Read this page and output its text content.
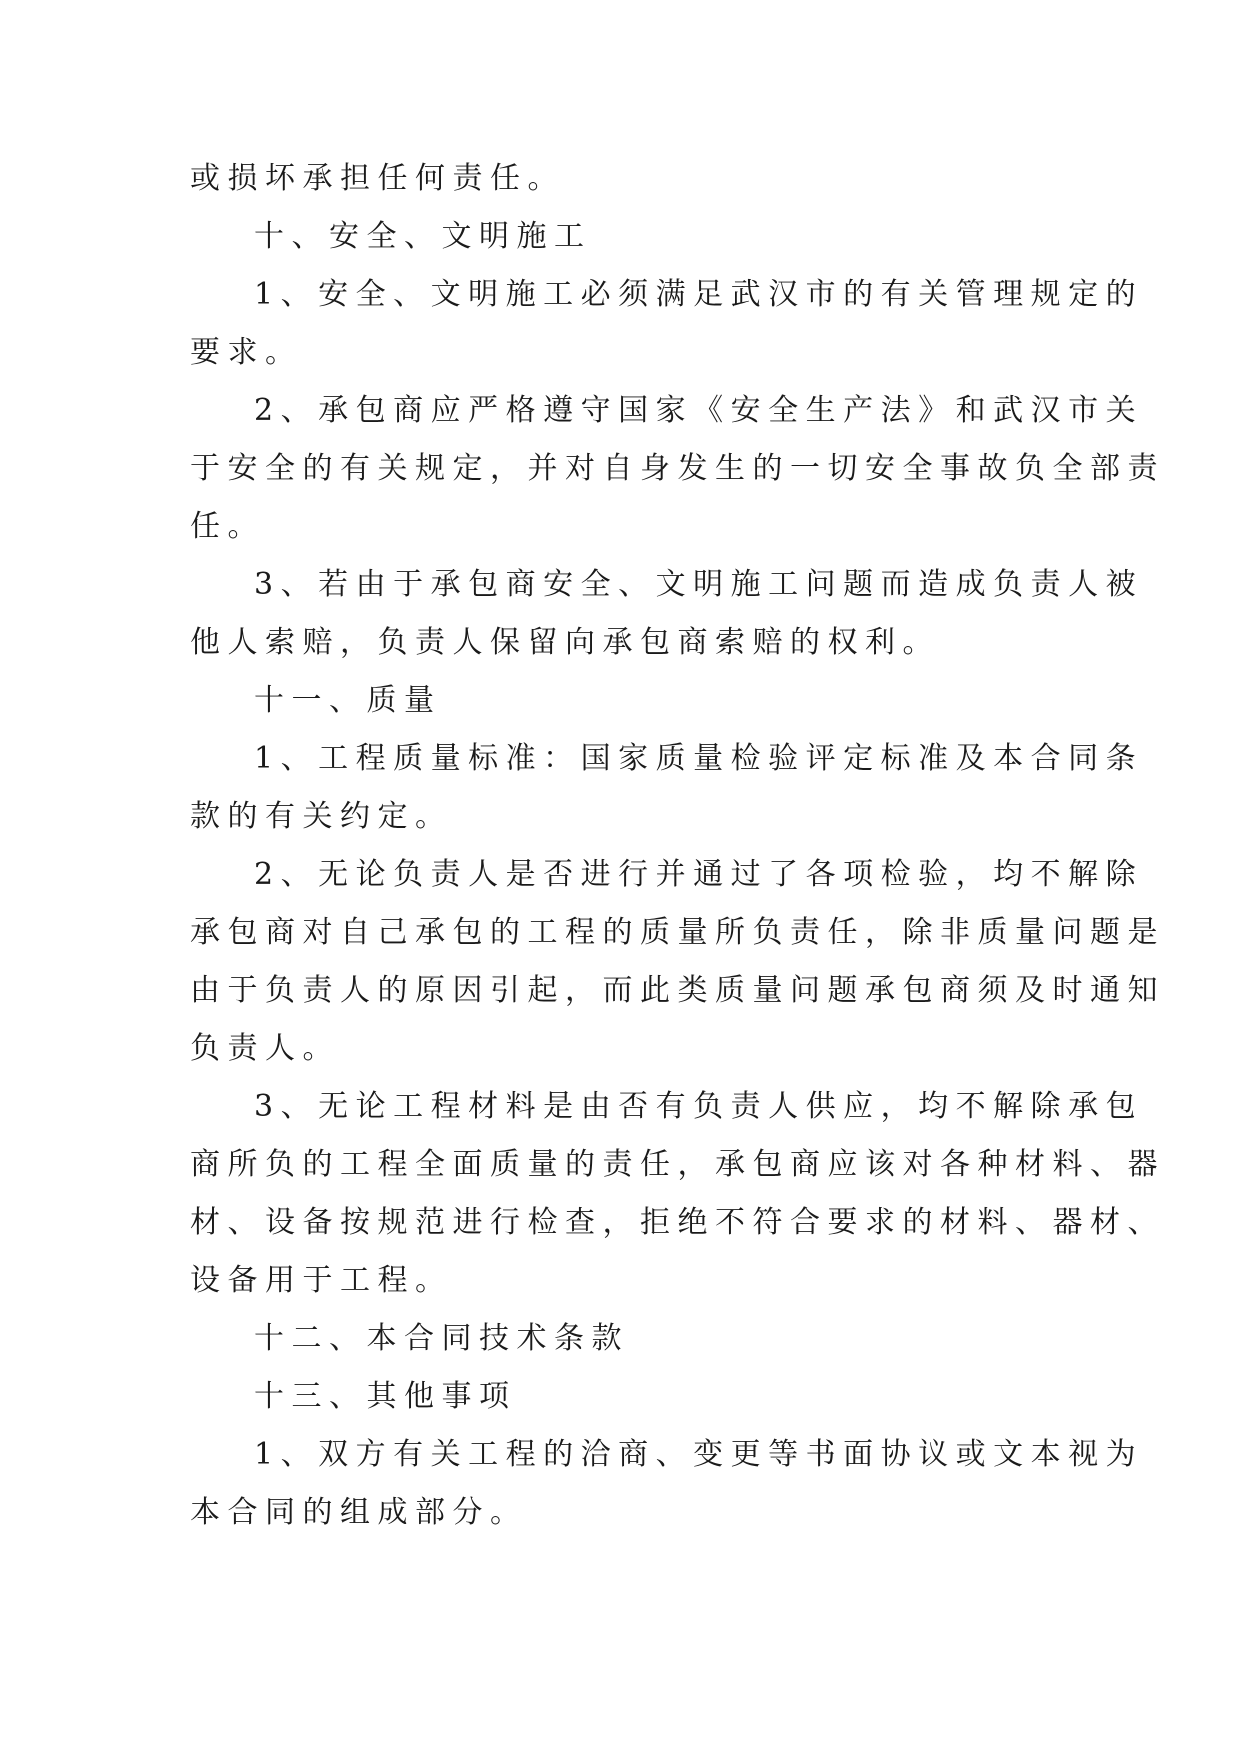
或损坏承担任何责任。
十、安全、文明施工
1、安全、文明施工必须满足武汉市的有关管理规定的
要求。
2、承包商应严格遵守国家《安全生产法》和武汉市关
于安全的有关规定，并对自身发生的一切安全事故负全部责
任。
3、若由于承包商安全、文明施工问题而造成负责人被
他人索赔，负责人保留向承包商索赔的权利。
十一、质量
1、工程质量标准：国家质量检验评定标准及本合同条
款的有关约定。
2、无论负责人是否进行并通过了各项检验，均不解除
承包商对自己承包的工程的质量所负责任，除非质量问题是
由于负责人的原因引起，而此类质量问题承包商须及时通知
负责人。
3、无论工程材料是由否有负责人供应，均不解除承包
商所负的工程全面质量的责任，承包商应该对各种材料、器
材、设备按规范进行检查，拒绝不符合要求的材料、器材、
设备用于工程。
十二、本合同技术条款
十三、其他事项
1、双方有关工程的洽商、变更等书面协议或文本视为
本合同的组成部分。
